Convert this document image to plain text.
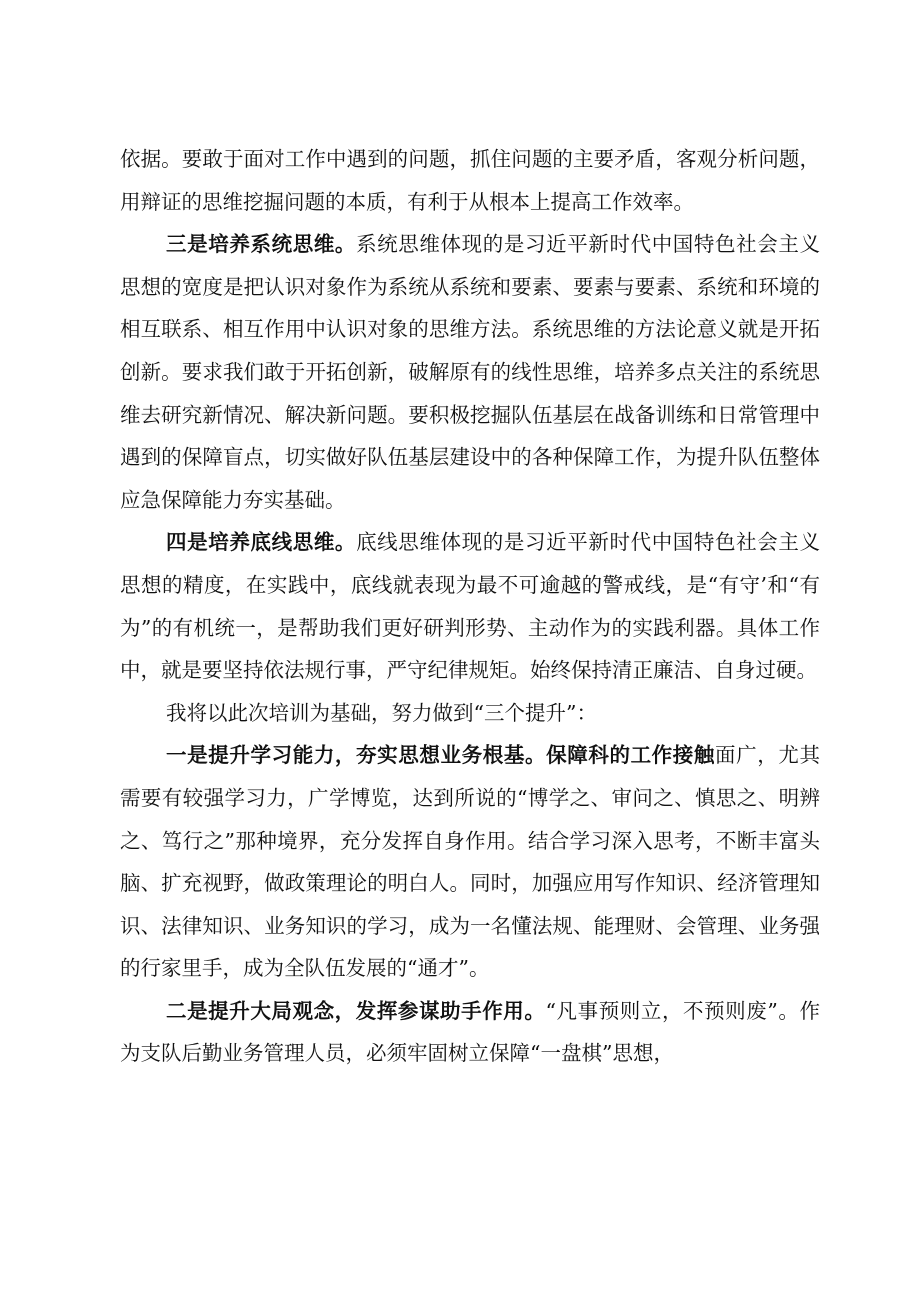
依据。要敢于面对工作中遇到的问题，抓住问题的主要矛盾，客观分析问题，用辩证的思维挖掘问题的本质，有利于从根本上提高工作效率。

三是培养系统思维。系统思维体现的是习近平新时代中国特色社会主义思想的宽度是把认识对象作为系统从系统和要素、要素与要素、系统和环境的相互联系、相互作用中认识对象的思维方法。系统思维的方法论意义就是开拓创新。要求我们敢于开拓创新，破解原有的线性思维，培养多点关注的系统思维去研究新情况、解决新问题。要积极挖掘队伍基层在战备训练和日常管理中遇到的保障盲点，切实做好队伍基层建设中的各种保障工作，为提升队伍整体应急保障能力夯实基础。

四是培养底线思维。底线思维体现的是习近平新时代中国特色社会主义思想的精度，在实践中，底线就表现为最不可逾越的警戒线，是“有守’和“有为”的有机统一，是帮助我们更好研判形势、主动作为的实践利器。具体工作中，就是要坚持依法规行事，严守纪律规矩。始终保持清正廉洁、自身过硬。

我将以此次培训为基础，努力做到“三个提升”：

一是提升学习能力，夯实思想业务根基。保障科的工作接触面广，尤其需要有较强学习力，广学博览，达到所说的“博学之、审问之、慎思之、明辨之、笃行之”那种境界，充分发挥自身作用。结合学习深入思考，不断丰富头脑、扩充视野，做政策理论的明白人。同时，加强应用写作知识、经济管理知识、法律知识、业务知识的学习，成为一名懂法规、能理财、会管理、业务强的行家里手，成为全队伍发展的“通才”。

二是提升大局观念，发挥参谋助手作用。“凡事预则立，不预则废”。作为支队后勤业务管理人员，必须牢固树立保障“一盘棋”思想，
